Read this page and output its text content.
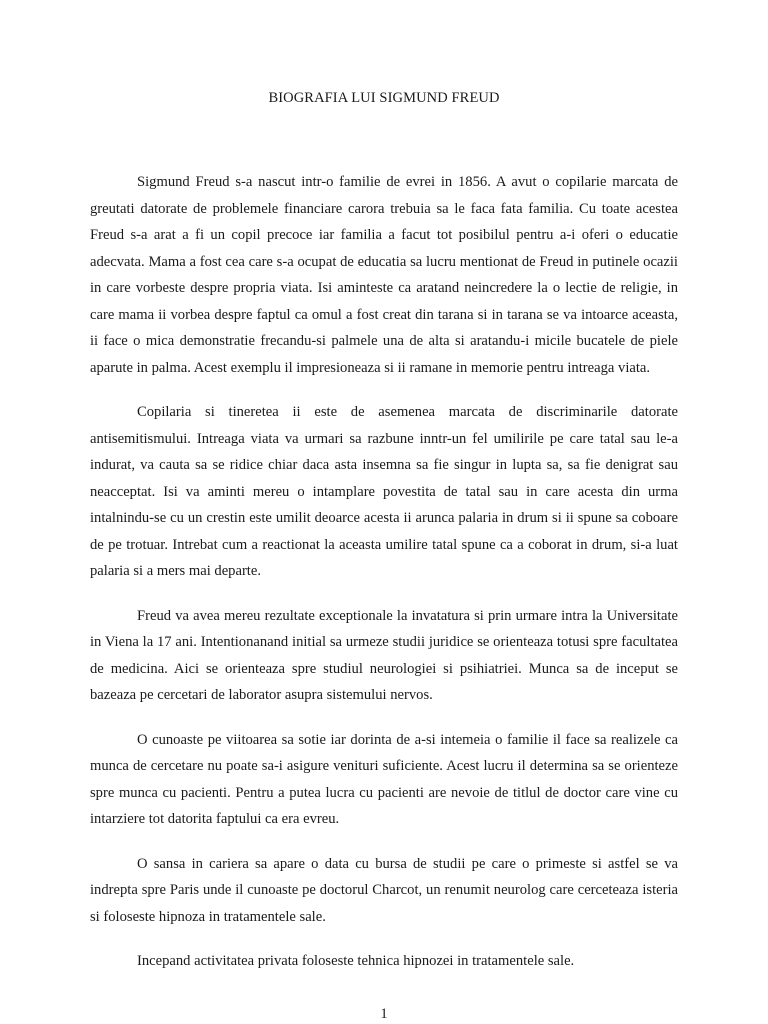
BIOGRAFIA LUI SIGMUND FREUD

Sigmund Freud s-a nascut intr-o familie de evrei in 1856. A avut o copilarie marcata de greutati datorate de problemele financiare carora trebuia sa le faca fata familia. Cu toate acestea Freud s-a arat a fi un copil precoce iar familia a facut tot posibilul pentru a-i oferi o educatie adecvata. Mama a fost cea care s-a ocupat de educatia sa lucru mentionat de Freud in putinele ocazii in care vorbeste despre propria viata. Isi aminteste ca aratand neincredere la o lectie de religie, in care mama ii vorbea despre faptul ca omul a fost creat din tarana si in tarana se va intoarce aceasta, ii face o mica demonstratie frecandu-si palmele una de alta si aratandu-i micile bucatele de piele aparute in palma. Acest exemplu il impresioneaza si ii ramane in memorie pentru intreaga viata.

Copilaria si tineretea ii este de asemenea marcata de discriminarile datorate antisemitismului. Intreaga viata va urmari sa razbune inntr-un fel umilirile pe care tatal sau le-a indurat, va cauta sa se ridice chiar daca asta insemna sa fie singur in lupta sa, sa fie denigrat sau neacceptat. Isi va aminti mereu o intamplare povestita de tatal sau in care acesta din urma intalnindu-se cu un crestin este umilit deoarce acesta ii arunca palaria in drum si ii spune sa coboare de pe trotuar. Intrebat cum a reactionat la aceasta umilire tatal spune ca a coborat in drum, si-a luat palaria si a mers mai departe.

Freud va avea mereu rezultate exceptionale la invatatura si prin urmare intra la Universitate in Viena la 17 ani. Intentionanand initial sa urmeze studii juridice se orienteaza totusi spre facultatea de medicina. Aici se orienteaza spre studiul neurologiei si psihiatriei. Munca sa de inceput se bazeaza pe cercetari de laborator asupra sistemului nervos.

O cunoaste pe viitoarea sa sotie iar dorinta de a-si intemeia o familie il face sa realizele ca munca de cercetare nu poate sa-i asigure venituri suficiente. Acest lucru il determina sa se orienteze spre munca cu pacienti. Pentru a putea lucra cu pacienti are nevoie de titlul de doctor care vine cu intarziere tot datorita faptului ca era evreu.

O sansa in cariera sa apare o data cu bursa de studii pe care o primeste si astfel se va indrepta spre Paris unde il cunoaste pe doctorul Charcot, un renumit neurolog care cerceteaza isteria si foloseste hipnoza in tratamentele sale.

Incepand activitatea privata foloseste tehnica hipnozei in tratamentele sale.

1
